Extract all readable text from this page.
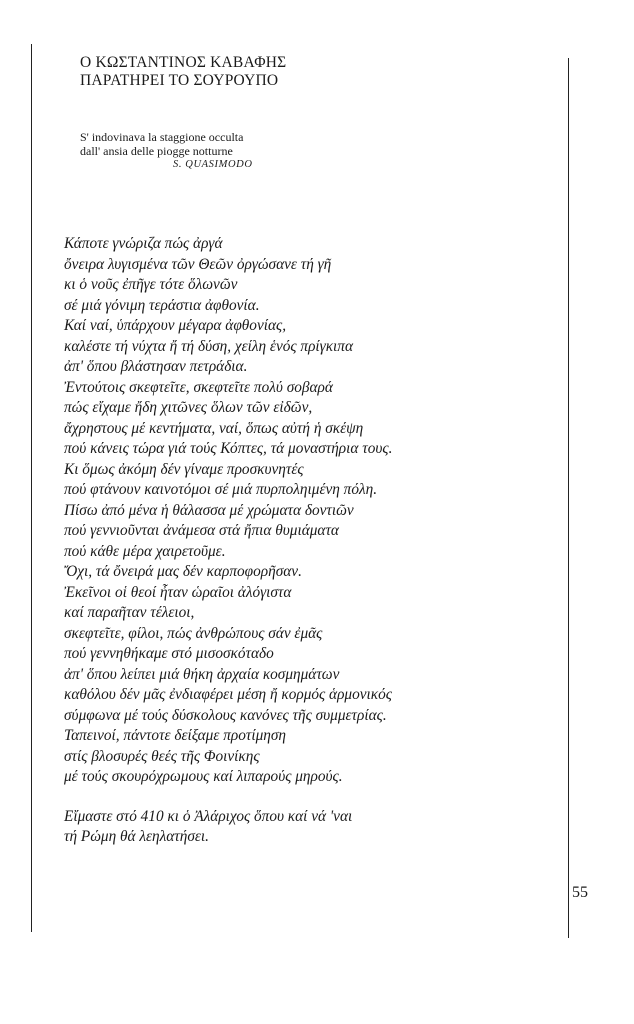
Ο ΚΩΣΤΑΝΤΙΝΟΣ ΚΑΒΑΦΗΣ
ΠΑΡΑΤΗΡΕΙ ΤΟ ΣΟΥΡΟΥΠΟ
S' indovinava la staggione occulta
dall' ansia delle piogge notturne
S. QUASIMODO
Κάποτε γνώριζα πώς ἀργά
ὄνειρα λυγισμένα τῶν Θεῶν ὀργώσανε τή γῆ
κι ὁ νοῦς ἐπῆγε τότε ὅλωνῶν
σέ μιά γόνιμη τεράστια ἀφθονία.
Καί ναί, ὑπάρχουν μέγαρα ἀφθονίας,
καλέστε τή νύχτα ἤ τή δύση, χείλη ἑνός πρίγκιπα
ἀπ' ὅπου βλάστησαν πετράδια.
Ἐντούτοις σκεφτεῖτε, σκεφτεῖτε πολύ σοβαρά
πώς εἴχαμε ἤδη χιτῶνες ὅλων τῶν εἰδῶν,
ἄχρηστους μέ κεντήματα, ναί, ὅπως αὐτή ἡ σκέψη
πού κάνεις τώρα γιά τούς Κόπτες, τά μοναστήρια τους.
Κι ὅμως ἀκόμη δέν γίναμε προσκυνητές
πού φτάνουν καινοτόμοι σέ μιά πυρποληιμένη πόλη.
Πίσω ἀπό μένα ἡ θάλασσα μέ χρώματα δοντιῶν
πού γεννιοῦνται ἀνάμεσα στά ἤπια θυμιάματα
πού κάθε μέρα χαιρετοῦμε.
Ὄχι, τά ὄνειρά μας δέν καρποφορῆσαν.
Ἐκεῖνοι οἱ θεοί ἦταν ὡραῖοι ἀλόγιστα
καί παραῆταν τέλειοι,
σκεφτεῖτε, φίλοι, πώς ἀνθρώπους σάν ἐμᾶς
πού γεννηθήκαμε στό μισοσκόταδο
ἀπ' ὅπου λείπει μιά θήκη ἀρχαία κοσμημάτων
καθόλου δέν μᾶς ἐνδιαφέρει μέση ἤ κορμός ἁρμονικός
σύμφωνα μέ τούς δύσκολους κανόνες τῆς συμμετρίας.
Ταπεινοί, πάντοτε δείξαμε προτίμηση
στίς βλοσυρές θεές τῆς Φοινίκης
μέ τούς σκουρόχρωμους καί λιπαρούς μηρούς.
Εἴμαστε στό 410 κι ὁ Ἀλάριχος ὅπου καί νά 'ναι
τή Ρώμη θά λεηλατήσει.
55
